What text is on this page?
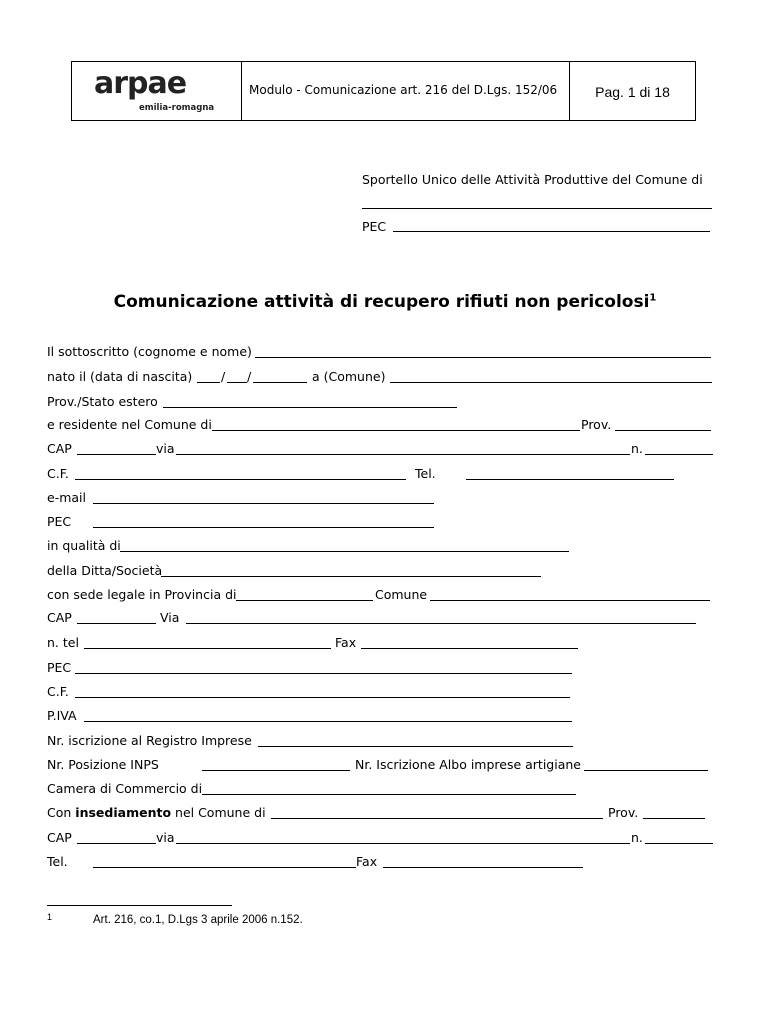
arpae
emilia-romagna
Modulo - Comunicazione art. 216 del D.Lgs. 152/06	Pag. 1 di 18
Sportello Unico delle Attività Produttive del Comune di
PEC
Comunicazione attività di recupero rifiuti non pericolosi$^1$
Il sottoscritto (cognome e nome)
nato il (data di nascita) / /	a (Comune)
Prov./Stato estero
e residente nel Comune di	Prov.
CAP	via	n.
C.F.	Tel.
e-mail
PEC
in qualità di
della Ditta/Società
con sede legale in Provincia di	Comune
CAP	Via
n. tel	Fax
PEC
C.F.
P.IVA
Nr. iscrizione al Registro Imprese
Nr. Posizione INPS	Nr. Iscrizione Albo imprese artigiane
Camera di Commercio di
Con insediamento nel Comune di	Prov.
CAP	via	n.
Tel.	Fax
1	Art. 216, co.1, D.Lgs 3 aprile 2006 n.152.
